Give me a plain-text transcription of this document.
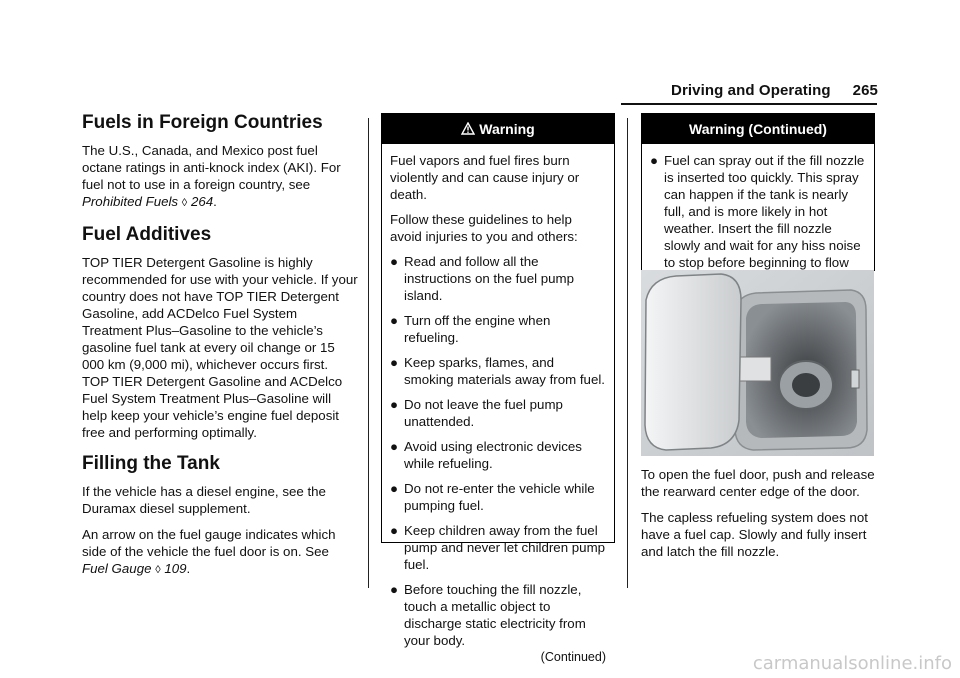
Driving and Operating 265
Fuels in Foreign Countries

The U.S., Canada, and Mexico post fuel octane ratings in anti-knock index (AKI). For fuel not to use in a foreign country, see
Prohibited Fuels ◊ 264.

Fuel Additives

TOP TIER Detergent Gasoline is highly recommended for use with your vehicle. If your country does not have TOP TIER Detergent Gasoline, add ACDelco Fuel System Treatment Plus–Gasoline to the vehicle’s gasoline fuel tank at every oil change or 15 000 km (9,000 mi), whichever occurs first. TOP TIER Detergent Gasoline and ACDelco Fuel System Treatment Plus–Gasoline will help keep your vehicle’s engine fuel deposit free and performing optimally.

Filling the Tank

If the vehicle has a diesel engine, see the Duramax diesel supplement.

An arrow on the fuel gauge indicates which side of the vehicle the fuel door is on. See
Fuel Gauge ◊ 109.

Warning

Fuel vapors and fuel fires burn violently and can cause injury or death.

Follow these guidelines to help avoid injuries to you and others:

● Read and follow all the instructions on the fuel pump island.
● Turn off the engine when refueling.
● Keep sparks, flames, and smoking materials away from fuel.
● Do not leave the fuel pump unattended.
● Avoid using electronic devices while refueling.
● Do not re-enter the vehicle while pumping fuel.
● Keep children away from the fuel pump and never let children pump fuel.
● Before touching the fill nozzle, touch a metallic object to discharge static electricity from your body.
(Continued)
Warning (Continued)
● Fuel can spray out if the fill nozzle is inserted too quickly. This spray can happen if the tank is nearly full, and is more likely in hot weather. Insert the fill nozzle slowly and wait for any hiss noise to stop before beginning to flow

To open the fuel door, push and release the rearward center edge of the door.

The capless refueling system does not have a fuel cap. Slowly and fully insert and latch the fill nozzle.

carmanualsonline.info
